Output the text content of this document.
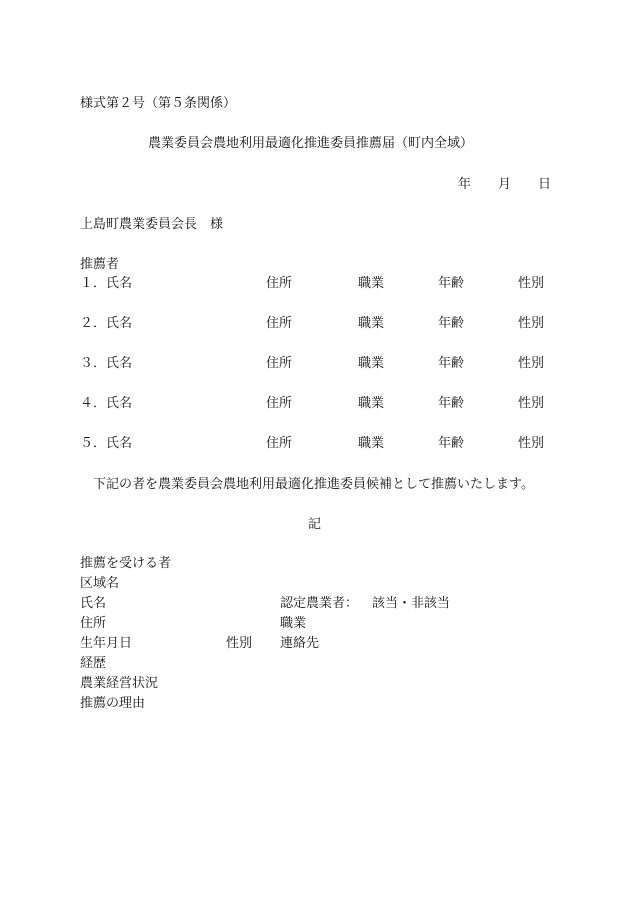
様式第２号（第５条関係）
農業委員会農地利用最適化推進委員推薦届（町内全域）
年 月 日
上島町農業委員会長　様
推薦者
１． 氏名	住所	職業	年齢	性別
２． 氏名	住所	職業	年齢	性別
３． 氏名	住所	職業	年齢	性別
４． 氏名	住所	職業	年齢	性別
５． 氏名	住所	職業	年齢	性別
下記の者を農業委員会農地利用最適化推進委員候補として推薦いたします。
記
推薦を受ける者
区域名
氏名	認定農業者： 該当・非該当
住所	職業
生年月日	性別 連絡先
経歴
農業経営状況
推薦の理由
